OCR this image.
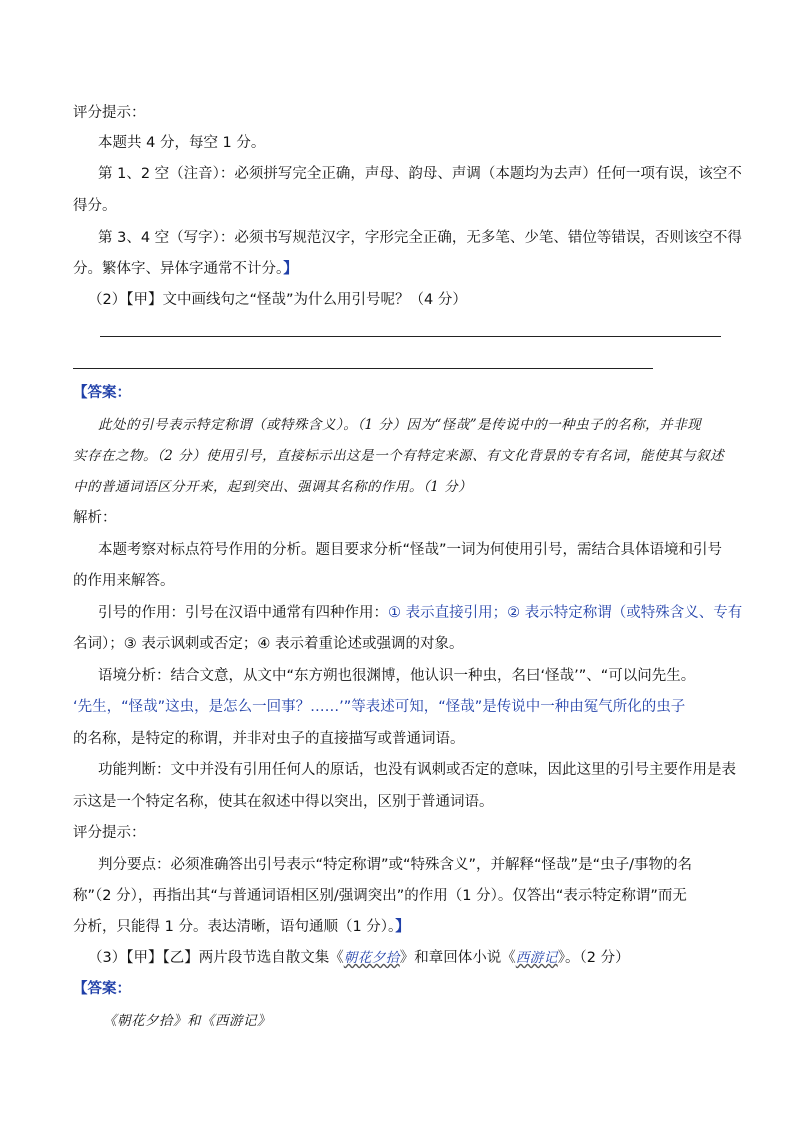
评分提示：
本题共 4 分，每空 1 分。
第 1、2 空（注音）：必须拼写完全正确，声母、韵母、声调（本题均为去声）任何一项有误，该空不
得分。
第 3、4 空（写字）：必须书写规范汉字，字形完全正确，无多笔、少笔、错位等错误，否则该空不得
分。繁体字、异体字通常不计分。】
（2）【甲】文中画线句之“怪哉”为什么用引号呢？（4 分）
【答案：
此处的引号表示特定称谓（或特殊含义）。（1 分）因为“怪哉”是传说中的一种虫子的名称，并非现
实存在之物。（2 分）使用引号，直接标示出这是一个有特定来源、有文化背景的专有名词，能使其与叙述
中的普通词语区分开来，起到突出、强调其名称的作用。（1 分）
解析：
本题考察对标点符号作用的分析。题目要求分析“怪哉”一词为何使用引号，需结合具体语境和引号
的作用来解答。
引号的作用：引号在汉语中通常有四种作用：① 表示直接引用；② 表示特定称谓（或特殊含义、专有
名词）；③ 表示讽刺或否定；④ 表示着重论述或强调的对象。
语境分析：结合文意，从文中“东方朔也很渊博，他认识一种虫，名曰‘怪哉’”、“可以问先生。
‘先生，“怪哉”这虫，是怎么一回事？……’”等表述可知，“怪哉”是传说中一种由冤气所化的虫子
的名称，是特定的称谓，并非对虫子的直接描写或普通词语。
功能判断：文中并没有引用任何人的原话，也没有讽刺或否定的意味，因此这里的引号主要作用是表
示这是一个特定名称，使其在叙述中得以突出，区别于普通词语。
评分提示：
判分要点：必须准确答出引号表示“特定称谓”或“特殊含义”，并解释“怪哉”是“虫子/事物的名
称”（2 分），再指出其“与普通词语相区别/强调突出”的作用（1 分）。仅答出“表示特定称谓”而无
分析，只能得 1 分。表达清晰，语句通顺（1 分）。】
（3）【甲】【乙】两片段节选自散文集《朝花夕拾》和章回体小说《西游记》。（2 分）
【答案：
《朝花夕拾》和《西游记》
